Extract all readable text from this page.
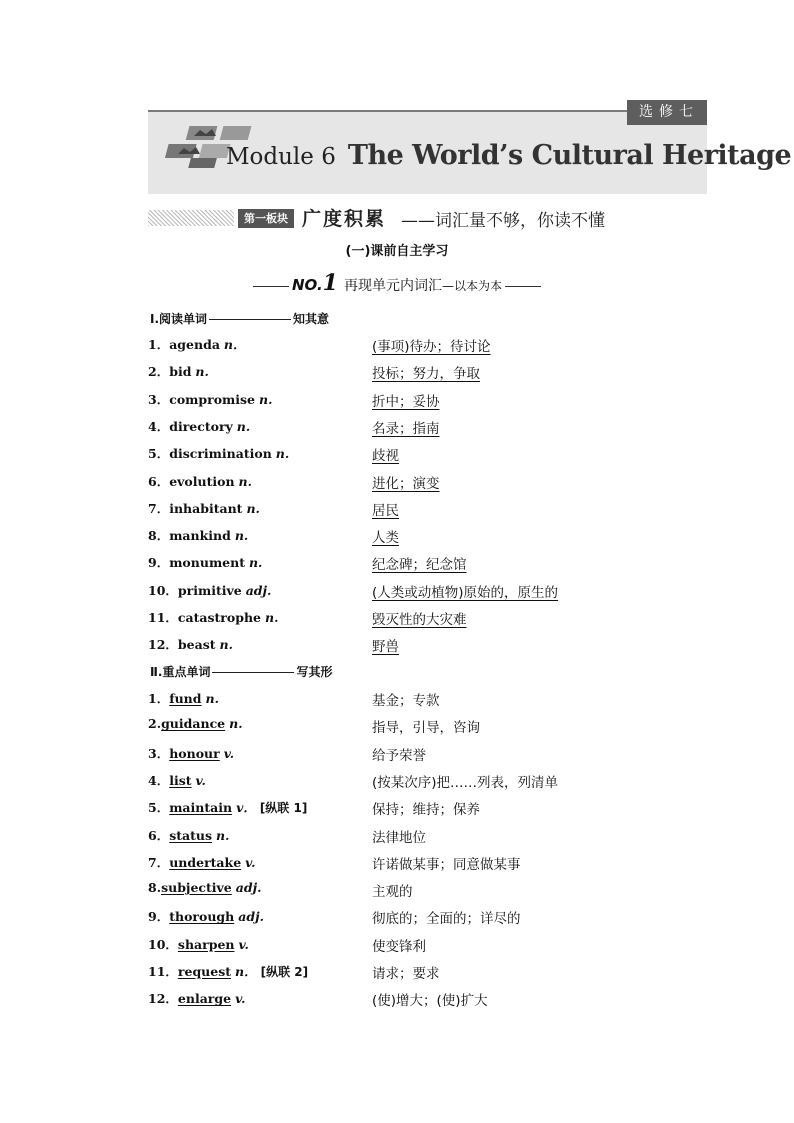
选修七
Module 6 The World’s Cultural Heritage
第一板块 广度积累 ——词汇量不够，你读不懂
(一)课前自主学习
NO.1 再现单元内词汇—以本为本
Ⅰ.阅读单词	知其意
1．agenda n．	(事项)待办；待讨论
2．bid n.	投标；努力，争取
3．compromise n.	折中；妥协
4．directory n.	名录；指南
5．discrimination n.	歧视
6．evolution n.	进化；演变
7．inhabitant n.	居民
8．mankind n.	人类
9．monument n.	纪念碑；纪念馆
10．primitive adj.	(人类或动植物)原始的，原生的
11．catastrophe n.	毁灭性的大灾难
12．beast n.	野兽
Ⅱ.重点单词	写其形
1．fund n.	基金；专款
2.guidance n.	指导，引导，咨询
3．honour v.	给予荣誉
4．list v.	(按某次序)把……列表，列清单
5．maintain v． [纵联 1]	保持；维持；保养
6．status n.	法律地位
7．undertake v.	许诺做某事；同意做某事
8.subjective adj.	主观的
9．thorough adj.	彻底的；全面的；详尽的
10．sharpen v.	使变锋利
11．request n． [纵联 2]	请求；要求
12．enlarge v.	(使)增大；(使)扩大
